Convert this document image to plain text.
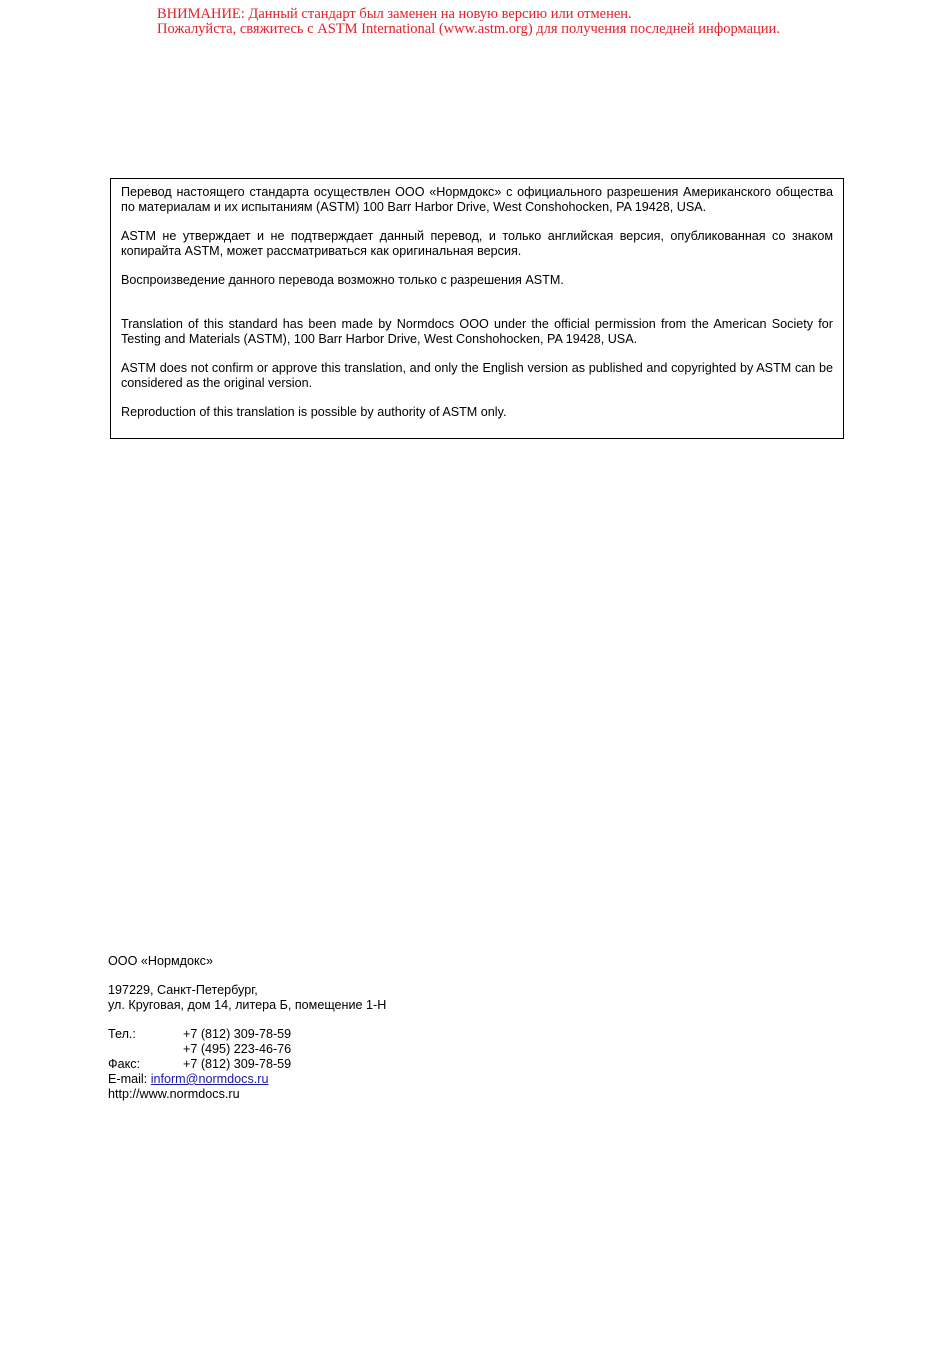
ВНИМАНИЕ: Данный стандарт был заменен на новую версию или отменен.
Пожалуйста, свяжитесь с ASTM International (www.astm.org) для получения последней информации.

Перевод настоящего стандарта осуществлен ООО «Нормдокс» с официального разрешения Американского общества по материалам и их испытаниям (ASTM) 100 Barr Harbor Drive, West Conshohocken, PA 19428, USA.

ASTM не утверждает и не подтверждает данный перевод, и только английская версия, опубликованная со знаком копирайта ASTM, может рассматриваться как оригинальная версия.

Воспроизведение данного перевода возможно только с разрешения ASTM.

Translation of this standard has been made by Normdocs OOO under the official permission from the American Society for Testing and Materials (ASTM), 100 Barr Harbor Drive, West Conshohocken, PA 19428, USA.

ASTM does not confirm or approve this translation, and only the English version as published and copyrighted by ASTM can be considered as the original version.

Reproduction of this translation is possible by authority of ASTM only.

ООО «Нормдокс»
197229, Санкт-Петербург,
ул. Круговая, дом 14, литера Б, помещение 1-Н
Тел.:	+7 (812) 309-78-59
+7 (495) 223-46-76
Факс:	+7 (812) 309-78-59
E-mail: inform@normdocs.ru
http://www.normdocs.ru
